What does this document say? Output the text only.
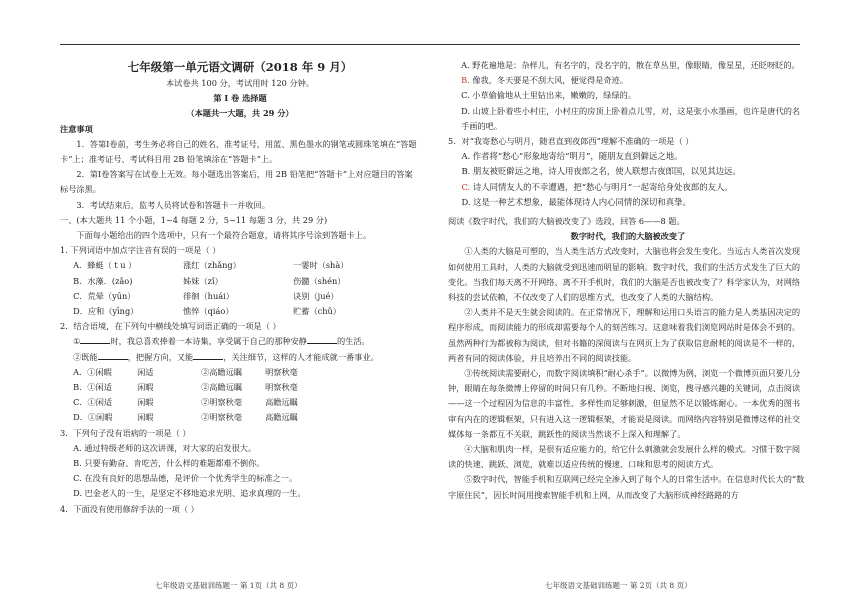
七年级第一单元语文调研（2018 年 9 月）
本试卷共 100 分，考试用时 120 分钟。
第 Ⅰ 卷 选择题
（本题共一大题，共 29 分）
注意事项

1．答第Ⅰ卷前，考生务必将自己的姓名、准考证号，用蓝、黑色墨水的钢笔或圆珠笔填在“答题卡”上；准考证号、考试科目用 2B 铅笔填涂在“答题卡”上。

2．第Ⅰ卷答案写在试卷上无效。每小题选出答案后，用 2B 铅笔把“答题卡”上对应题目的答案标号涂黑。

3．考试结束后，监考人员将试卷和答题卡一并收回。

一、(本大题共 11 个小题，1~4 每题 2 分，5~11 每题 3 分，共 29 分)
下面每小题给出的四个选项中，只有一个最符合题意，请将其序号涂到答题卡上。
1. 下列词语中加点字注音有误的一项是（ ）
A．蜂蜓（ t u ）	涨红（zhǎng）	一霎时（shà）
B．水藻．(zǎo)	姊妹（zǐ）	伤髓（shén）
C．荒晕（yūn）	徘徊（huái）	诀别（jué）
D．应和（yīng）	憔悴（qiáo）	贮蓄（chǔ）
2．结合语境，在下列句中横线处填写词语正确的一项是（ ）
①	时，我总喜欢捧着一本诗集，享受属于自己的那种安静	的生活。
②既能	，把握方向，又能	，关注细节，这样的人才能成就一番事业。
A．①闲暇	闲适	②高瞻远瞩	明察秋毫
B．①闲适	闲暇	②高瞻远瞩	明察秋毫
C．①闲适	闲暇	②明察秋毫	高瞻远瞩
D．①闲暇	闲暇	②明察秋毫	高瞻远瞩
3．下列句子没有语病的一项是（ ）
A. 通过特级老师的这次讲课，对大家的启发很大。
B. 只要有勤奋、肯吃苦，什么样的难题都难不倒你。
C. 在没有良好的思想品德，是评价一个优秀学生的标准之一。
D. 巴金老人的一生，是坚定不移地追求光明、追求真理的一生。
4．下面没有使用修辞手法的一项（ ）
A. 野花遍地是：杂样儿，有名字的，没名字的，散在草丛里，像眼睛，像星星，还眨呀眨的。
B. 像我，冬天要是不刮大风，便觉得是奇迹。
C. 小草偷偷地从土里钻出来，嫩嫩的，绿绿的。
D. 山坡上卧着些小村庄，小村庄的房顶上卧着点儿雪，对，这是张小水墨画，也许是唐代的名手画的吧。
5．对“我寄愁心与明月，随君直到夜郎西”理解不准确的一项是（ ）
A. 作者将“愁心”形象地寄给“明月”，随朋友直到僻远之地。
B. 朋友被贬僻远之地，诗人用夜郎之名，使人联想古夜郎国，以见其边远。
C. 诗人同情友人的不幸遭遇，把“愁心与明月”一起寄给身处夜郎的友人。
D. 这是一种艺术想象，最能体现诗人内心同情的深切和真挚。
阅读《数字时代，我们的大脑被改变了》选段，回答 6——8 题。
数字时代，我们的大脑被改变了

①人类的大脑是可塑的，当人类生活方式改变时，大脑也将会发生变化。当远古人类首次发现如何使用工具时，人类的大脑就受到迅速而明显的影响。数字时代，我们的生活方式发生了巨大的变化。当我们每天离不开网络、离不开手机时，我们的大脑是否也被改变了？科学家认为，对网络科技的尝试依赖，不仅改变了人们的思维方式，也改变了人类的大脑结构。

②人类并不是天生就会阅读的。在正常情况下，理解和运用口头语言的能力是人类基因决定的程序形成，而阅读能力的形成却需要每个人的刻苦练习。这意味着我们浏览网站时是体会不到的。虽然两种行为都被称为阅读，但对书籍的深阅读与在网页上为了获取信息耐耗的阅读是不一样的，两者有同的阅读体验，并且培养出不同的阅读技能。

③传统阅读需要耐心，而数字阅读填积“耐心杀手”。以微博为例，浏览一个微博页面只要几分钟，眼睛在每条微博上停留的时间只有几秒。不断地扫视、浏览，搜寻感兴趣的关键词，点击阅读——这一个过程因为信息的丰富性、多样性而足够刺激，但显然不足以锻炼耐心。一本优秀的图书审有内在的逻辑框架，只有进入这一逻辑框架，才能说是阅读。而网络内容特别是微博这样的社交媒体每一条都互不关联，跳跃性的阅读当然谈不上深入和理解了。

④大脑和肌肉一样，是很有适应能力的，给它什么刺激就会发展什么样的模式。习惯于数字阅读的快速、跳跃、浏览，就难以适应传统的慢速、口味和思考的阅读方式。

⑤数字时代，智能手机和互联网已经完全渗入到了每个人的日常生活中。在信息时代长大的“数字原住民”，因长时间用搜索智能手机和上网，从而改变了大脑形成神经路路的方

七年级语文基础训练题一 第 1页（共 8 页）	七年级语文基础训练题一 第 2页（共 8 页）
